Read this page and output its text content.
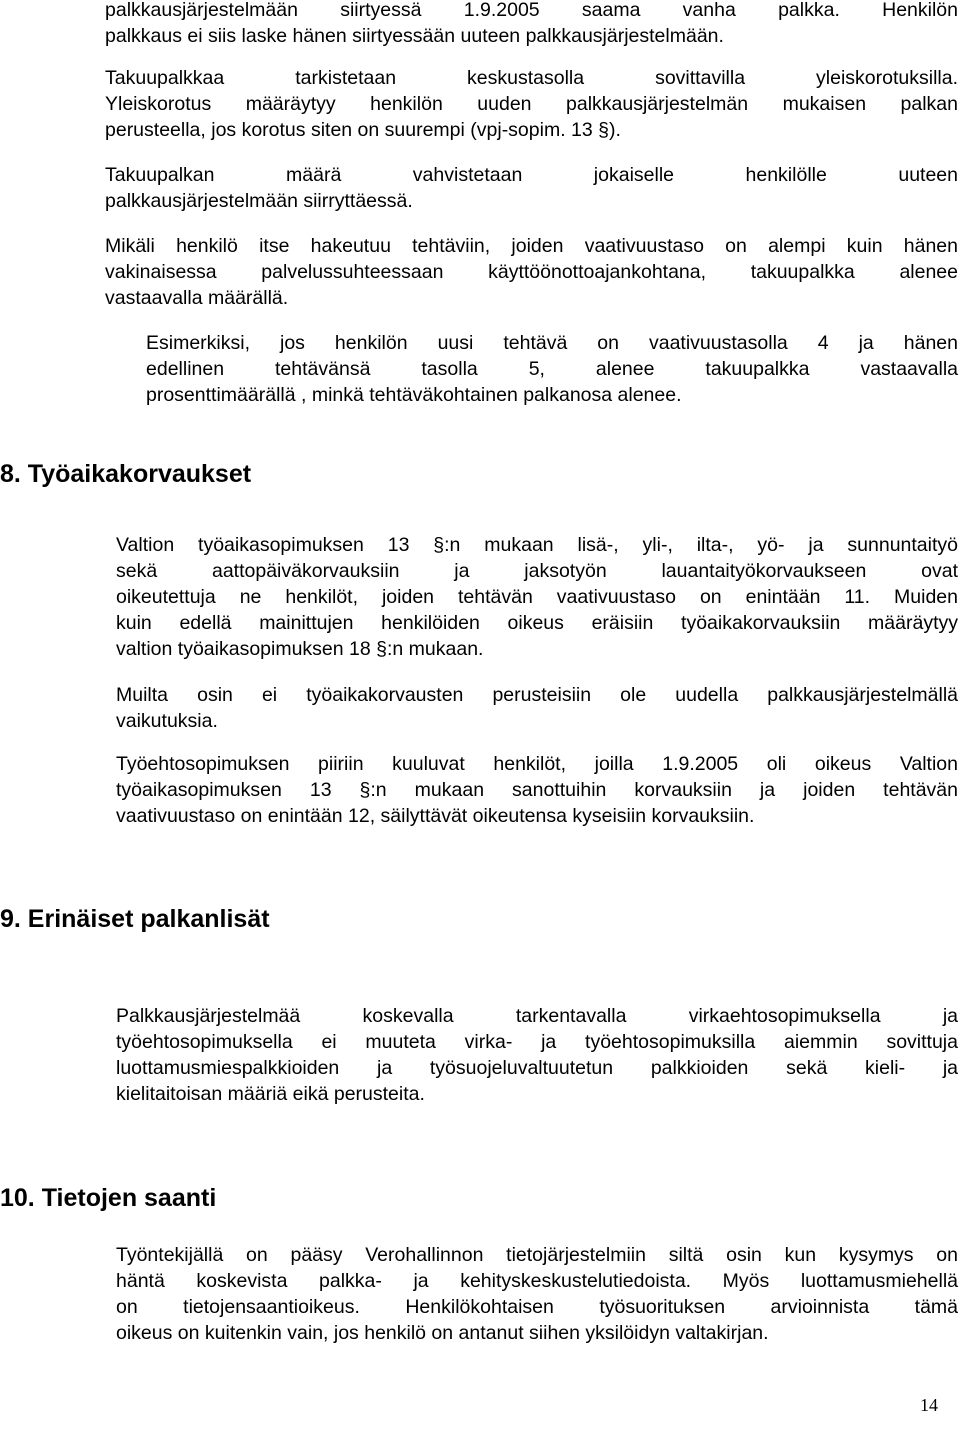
palkkausjärjestelmään siirtyessä 1.9.2005 saama vanha palkka. Henkilön
palkkaus ei siis laske hänen siirtyessään uuteen palkkausjärjestelmään.
Takuupalkkaa tarkistetaan keskustasolla sovittavilla yleiskorotuksilla.
Yleiskorotus määräytyy henkilön uuden palkkausjärjestelmän mukaisen palkan
perusteella, jos korotus siten on suurempi (vpj-sopim. 13 §).
Takuupalkan määrä vahvistetaan jokaiselle henkilölle uuteen
palkkausjärjestelmään siirryttäessä.
Mikäli henkilö itse hakeutuu tehtäviin, joiden vaativuustaso on alempi kuin hänen
vakinaisessa palvelussuhteessaan käyttöönottoajankohtana, takuupalkka alenee
vastaavalla määrällä.
Esimerkiksi, jos henkilön uusi tehtävä on vaativuustasolla 4 ja hänen
edellinen tehtävänsä tasolla 5, alenee takuupalkka vastaavalla
prosenttimäärällä , minkä tehtäväkohtainen palkanosa alenee.
8. Työaikakorvaukset
Valtion työaikasopimuksen 13 §:n mukaan lisä-, yli-, ilta-, yö- ja sunnuntaityö
sekä aattopäiväkorvauksiin ja jaksotyön lauantaityökorvaukseen ovat
oikeutettuja ne henkilöt, joiden tehtävän vaativuustaso on enintään 11. Muiden
kuin edellä mainittujen henkilöiden oikeus eräisiin työaikakorvauksiin määräytyy
valtion työaikasopimuksen 18 §:n mukaan.
Muilta osin ei työaikakorvausten perusteisiin ole uudella palkkausjärjestelmällä
vaikutuksia.
Työehtosopimuksen piiriin kuuluvat henkilöt, joilla 1.9.2005 oli oikeus Valtion
työaikasopimuksen 13 §:n mukaan sanottuihin korvauksiin ja joiden tehtävän
vaativuustaso on enintään 12, säilyttävät oikeutensa kyseisiin korvauksiin.
9. Erinäiset palkanlisät
Palkkausjärjestelmää koskevalla tarkentavalla virkaehtosopimuksella ja
työehtosopimuksella ei muuteta virka- ja työehtosopimuksilla aiemmin sovittuja
luottamusmiespalkkioiden ja työsuojeluvaltuutetun palkkioiden sekä kieli- ja
kielitaitoisan määriä eikä perusteita.
10. Tietojen saanti
Työntekijällä on pääsy Verohallinnon tietojärjestelmiin siltä osin kun kysymys on
häntä koskevista palkka- ja kehityskeskustelutiedoista. Myös luottamusmiehellä
on tietojensaantioikeus. Henkilökohtaisen työsuorituksen arvioinnista tämä
oikeus on kuitenkin vain, jos henkilö on antanut siihen yksilöidyn valtakirjan.
14
